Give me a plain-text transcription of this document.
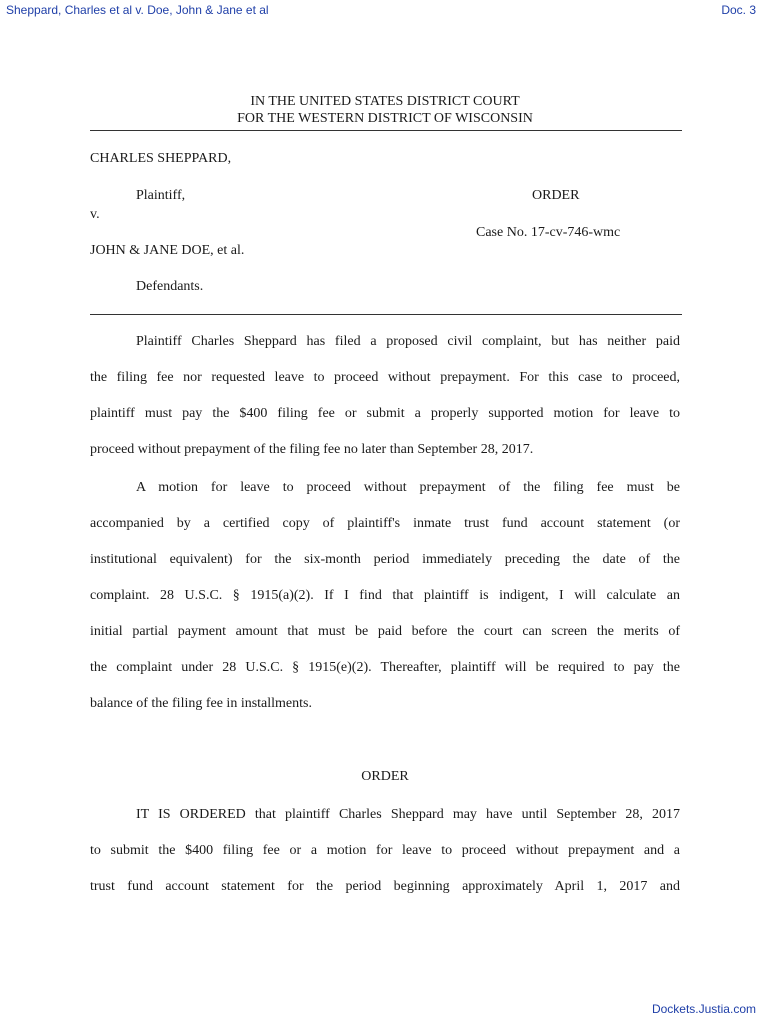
Sheppard, Charles et al v. Doe, John & Jane et al	Doc. 3
IN THE UNITED STATES DISTRICT COURT
FOR THE WESTERN DISTRICT OF WISCONSIN
CHARLES SHEPPARD,
Plaintiff,	ORDER
v.
Case No. 17-cv-746-wmc
JOHN & JANE DOE, et al.
Defendants.
Plaintiff Charles Sheppard has filed a proposed civil complaint, but has neither paid
the filing fee nor requested leave to proceed without prepayment. For this case to proceed,
plaintiff must pay the $400 filing fee or submit a properly supported motion for leave to
proceed without prepayment of the filing fee no later than September 28, 2017.
A motion for leave to proceed without prepayment of the filing fee must be
accompanied by a certified copy of plaintiff's inmate trust fund account statement (or
institutional equivalent) for the six-month period immediately preceding the date of the
complaint. 28 U.S.C. § 1915(a)(2). If I find that plaintiff is indigent, I will calculate an
initial partial payment amount that must be paid before the court can screen the merits of
the complaint under 28 U.S.C. § 1915(e)(2). Thereafter, plaintiff will be required to pay the
balance of the filing fee in installments.
ORDER
IT IS ORDERED that plaintiff Charles Sheppard may have until September 28, 2017
to submit the $400 filing fee or a motion for leave to proceed without prepayment and a
trust fund account statement for the period beginning approximately April 1, 2017 and
Dockets.Justia.com
